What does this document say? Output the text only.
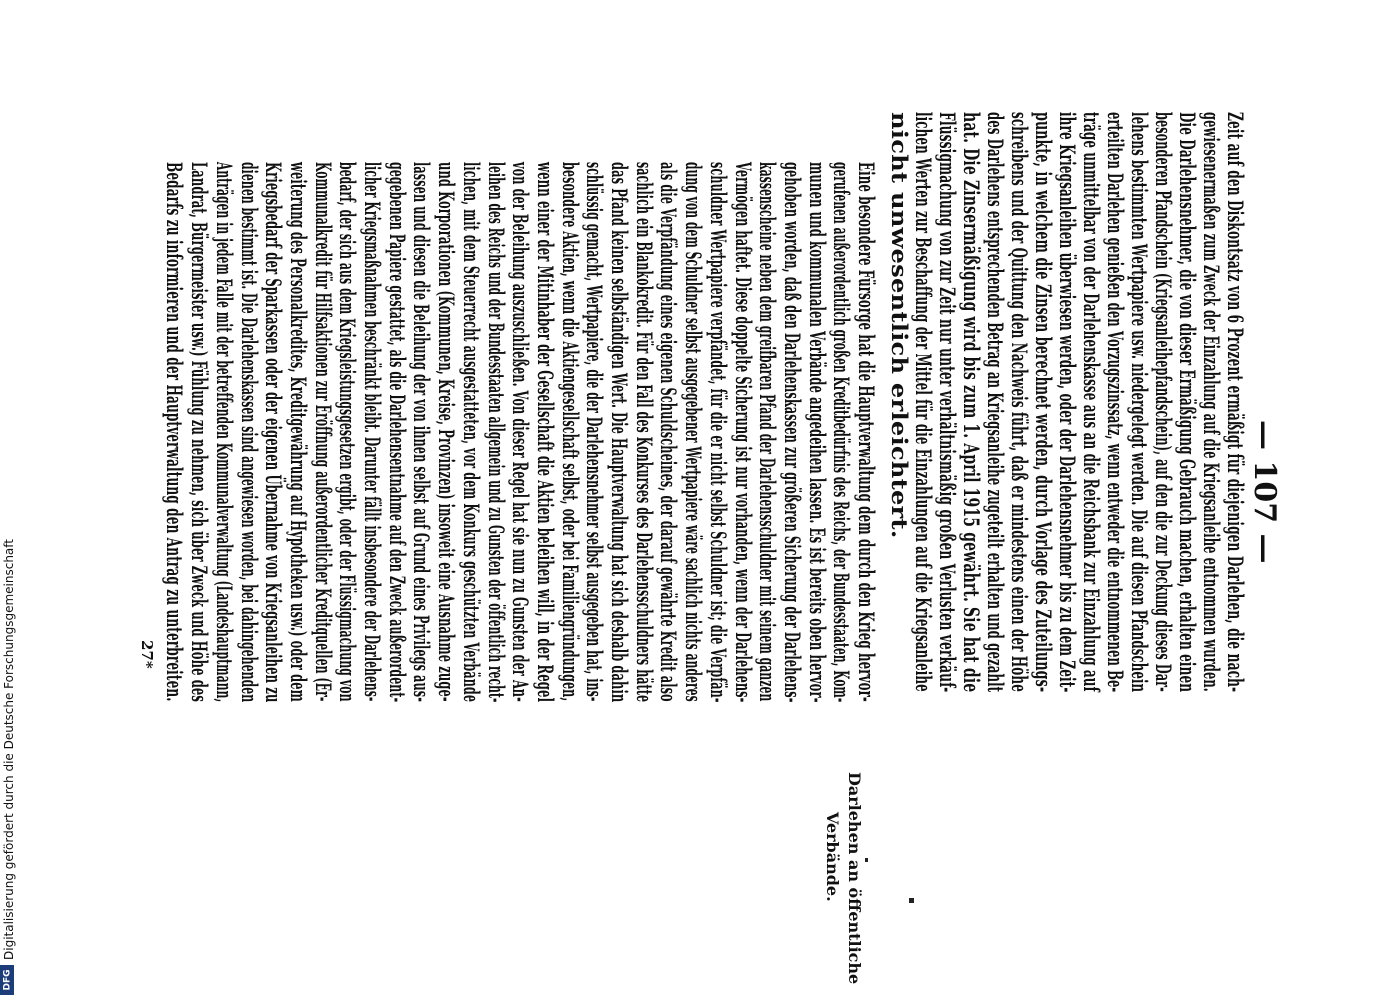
— 107 —
Zeit auf den Diskontsatz von 6 Prozent ermäßigt für diejenigen Darlehen, die nach-
gewiesenermaßen zum Zweck der Einzahlung auf die Kriegsanleihe entnommen wurden.
Die Darlehensnehmer, die von dieser Ermäßigung Gebrauch machen, erhalten einen
besonderen Pfandschein (Kriegsanleihepfandschein), auf den die zur Deckung dieses Dar-
lehens bestimmten Wertpapiere usw. niedergelegt werden. Die auf diesen Pfandschein
erteilten Darlehen genießen den Vorzugszinssatz, wenn entweder die entnommenen Be-
träge unmittelbar von der Darlehenskasse aus an die Reichsbank zur Einzahlung auf
ihre Kriegsanleihen überwiesen werden, oder der Darlehensnehmer bis zu dem Zeit-
punkte, in welchem die Zinsen berechnet werden, durch Vorlage des Zuteilungs-
schreibens und der Quittung den Nachweis führt, daß er mindestens einen der Höhe
des Darlehens entsprechenden Betrag an Kriegsanleihe zugeteilt erhalten und gezahlt
hat. Die Zinsermäßigung wird bis zum 1. April 1915 gewährt. Sie hat die
Flüssigmachung von zur Zeit nur unter verhältnismäßig großen Verlusten verkäuf-
lichen Werten zur Beschaffung der Mittel für die Einzahlungen auf die Kriegsanleihe
nicht unwesentlich erleichtert.
Eine besondere Fürsorge hat die Hauptverwaltung dem durch den Krieg hervor-
gerufenen außerordentlich großen Kreditbedürfnis des Reichs, der Bundesstaaten, Kom-
munen und kommunalen Verbände angedeihen lassen. Es ist bereits oben hervor-
gehoben worden, daß den Darlehenskassen zur größeren Sicherung der Darlehens-
kassenscheine neben dem greifbaren Pfand der Darlehensschuldner mit seinem ganzen
Vermögen haftet. Diese doppelte Sicherung ist nur vorhanden, wenn der Darlehens-
schuldner Wertpapiere verpfändet, für die er nicht selbst Schuldner ist; die Verpfän-
dung von dem Schuldner selbst ausgegebener Wertpapiere wäre sachlich nichts anderes
als die Verpfändung eines eigenen Schuldscheines, der darauf gewährte Kredit also
sachlich ein Blankokredit. Für den Fall des Konkurses des Darlehensschuldners hätte
das Pfand keinen selbständigen Wert. Die Hauptverwaltung hat sich deshalb dahin
schlüssig gemacht, Wertpapiere, die der Darlehensnehmer selbst ausgegeben hat, ins-
besondere Aktien, wenn die Aktiengesellschaft selbst, oder bei Familiengründungen,
wenn einer der Mitinhaber der Gesellschaft die Aktien beleihen will, in der Regel
von der Beleihung auszuschließen. Von dieser Regel hat sie nun zu Gunsten der An-
leihen des Reichs und der Bundesstaaten allgemein und zu Gunsten der öffentlich recht-
lichen, mit dem Steuerrecht ausgestatteten, vor dem Konkurs geschützten Verbände
und Korporationen (Kommunen, Kreise, Provinzen) insoweit eine Ausnahme zuge-
lassen und diesen die Beleihung der von ihnen selbst auf Grund eines Privilegs aus-
gegebenen Papiere gestattet, als die Darlehensentnahme auf den Zweck außerordent-
licher Kriegsmaßnahmen beschränkt bleibt. Darunter fällt insbesondere der Darlehens-
bedarf, der sich aus dem Kriegsleistungsgesetzen ergibt, oder der Flüssigmachung von
Kommunalkredit für Hilfsaktionen zur Eröffnung außerordentlicher Kreditquellen (Er-
weiterung des Personalkredites, Kreditgewährung auf Hypotheken usw.) oder dem
Kriegsbedarf der Sparkassen oder der eigenen Übernahme von Kriegsanleihen zu
dienen bestimmt ist. Die Darlehenskassen sind angewiesen worden, bei dahingehenden
Anträgen in jedem Falle mit der betreffenden Kommunalverwaltung (Landeshauptmann,
Landrat, Bürgermeister usw.) Fühlung zu nehmen, sich über Zweck und Höhe des
Bedarfs zu informieren und der Hauptverwaltung den Antrag zu unterbreiten.
Darlehen an öffentliche
Verbände.
27*
Digitalisierung gefördert durch die Deutsche Forschungsgemeinschaft
DFG
